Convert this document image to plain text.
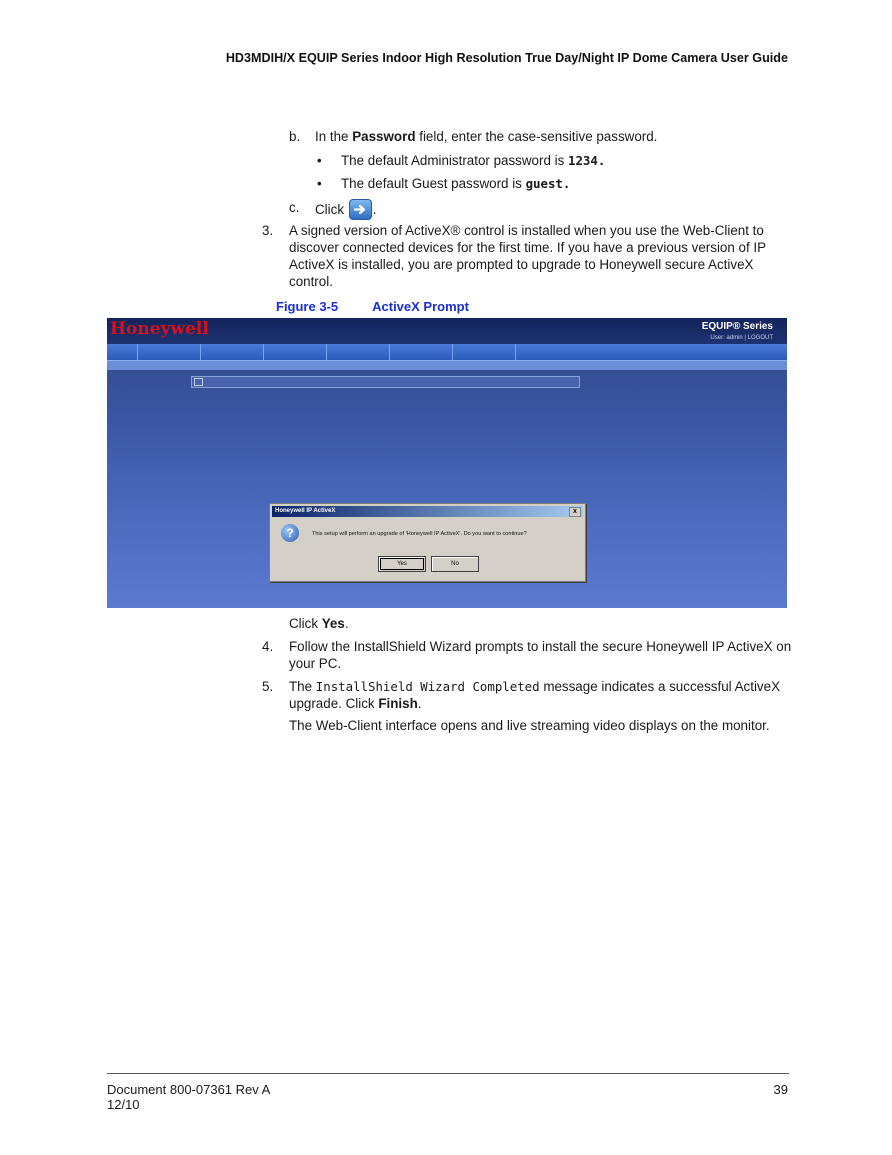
HD3MDIH/X EQUIP Series Indoor High Resolution True Day/Night IP Dome Camera User Guide
b. In the Password field, enter the case-sensitive password.
• The default Administrator password is 1234.
• The default Guest password is guest.
c. Click .
3. A signed version of ActiveX® control is installed when you use the Web-Client to
discover connected devices for the first time. If you have a previous version of IP
ActiveX is installed, you are prompted to upgrade to Honeywell secure ActiveX
control.
Figure 3-5	ActiveX Prompt
Honeywell	EQUIP® Series
User: admin | LOGOUT
Honeywell IP ActiveX	x
?	This setup will perform an upgrade of 'Honeywell IP ActiveX'. Do you want to continue?
Yes	No
Click Yes.
4. Follow the InstallShield Wizard prompts to install the secure Honeywell IP ActiveX on
your PC.
5. The InstallShield Wizard Completed message indicates a successful ActiveX
upgrade. Click Finish.
The Web-Client interface opens and live streaming video displays on the monitor.
Document 800-07361 Rev A
12/10
39
